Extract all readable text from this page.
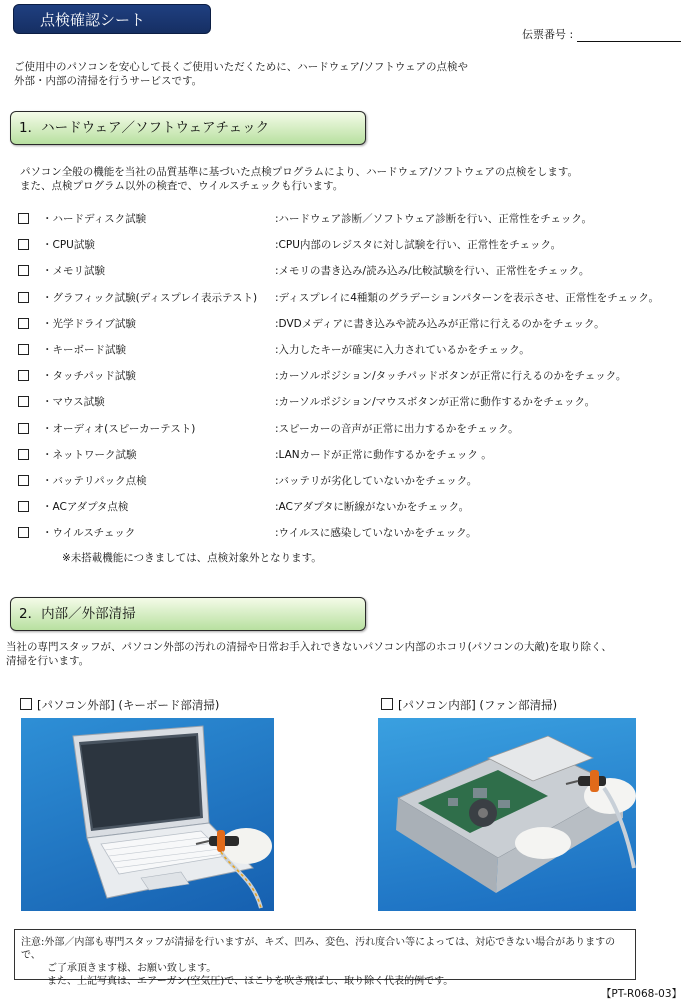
点検確認シート
伝票番号 :
ご使用中のパソコンを安心して長くご使用いただくために、ハードウェア/ソフトウェアの点検や
外部・内部の清掃を行うサービスです。
1．ハードウェア／ソフトウェアチェック
パソコン全般の機能を当社の品質基準に基づいた点検プログラムにより、ハードウェア/ソフトウェアの点検をします。
また、点検プログラム以外の検査で、ウイルスチェックも行います。
・ハードディスク試験	:ハードウェア診断／ソフトウェア診断を行い、正常性をチェック。
・CPU試験	:CPU内部のレジスタに対し試験を行い、正常性をチェック。
・メモリ試験	:メモリの書き込み/読み込み/比較試験を行い、正常性をチェック。
・グラフィック試験(ディスプレイ表示テスト) :ディスプレイに4種類のグラデーションパターンを表示させ、正常性をチェック。
・光学ドライブ試験	:DVDメディアに書き込みや読み込みが正常に行えるのかをチェック。
・キーボード試験	:入力したキーが確実に入力されているかをチェック。
・タッチパッド試験	:カーソルポジション/タッチパッドボタンが正常に行えるのかをチェック。
・マウス試験	:カーソルポジション/マウスボタンが正常に動作するかをチェック。
・オーディオ(スピーカーテスト)	:スピーカーの音声が正常に出力するかをチェック。
・ネットワーク試験	:LANカードが正常に動作するかをチェック 。
・バッテリパック点検	:バッテリが劣化していないかをチェック。
・ACアダプタ点検	:ACアダプタに断線がないかをチェック。
・ウイルスチェック	:ウイルスに感染していないかをチェック。
※未搭載機能につきましては、点検対象外となります。
2．内部／外部清掃
当社の専門スタッフが、パソコン外部の汚れの清掃や日常お手入れできないパソコン内部のホコリ(パソコンの大敵)を取り除く、
清掃を行います。
[パソコン外部] (キーボード部清掃)	[パソコン内部] (ファン部清掃)
注意:外部／内部も専門スタッフが清掃を行いますが、キズ、凹み、変色、汚れ度合い等によっては、対応できない場合がありますので、
ご了承頂きます様、お願い致します。
また、上記写真は、エアーガン(空気圧)で、ほこりを吹き飛ばし、取り除く代表的例です。
【PT-R068-03】
